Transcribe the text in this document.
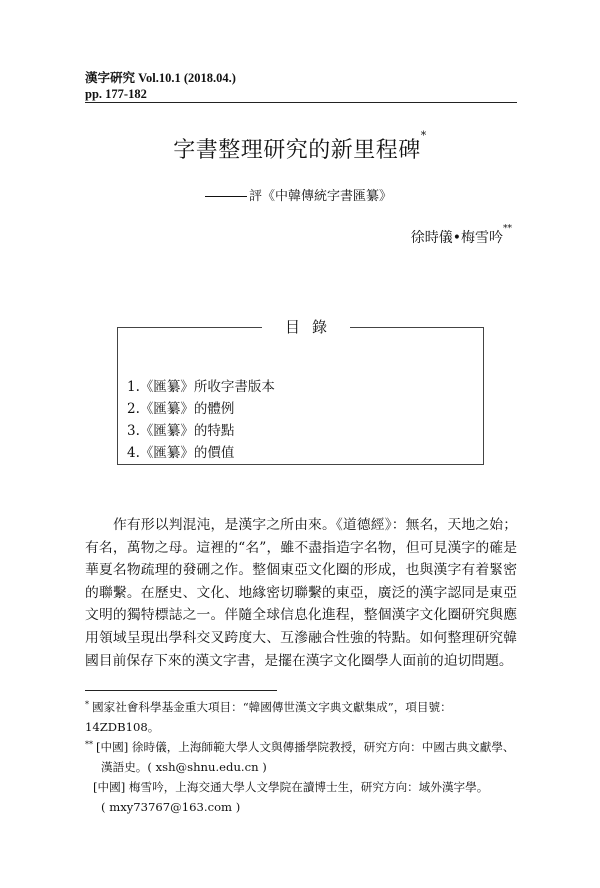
漢字硏究 Vol.10.1 (2018.04.)
pp. 177-182
字書整理研究的新里程碑*
評《中韓傳統字書匯纂》
徐時儀•梅雪吟**
目錄
1.《匯纂》所收字書版本
2.《匯纂》的體例
3.《匯纂》的特點
4.《匯纂》的價值

作有形以判混沌，是漢字之所由來。《道德經》：無名，天地之始；有名，萬物之母。這裡的“名”，雖不盡指造字名物，但可見漢字的確是華夏名物疏理的發硎之作。整個東亞文化圈的形成，也與漢字有着緊密的聯繫。在歷史、文化、地緣密切聯繫的東亞，廣泛的漢字認同是東亞文明的獨特標誌之一。伴隨全球信息化進程，整個漢字文化圈研究與應用領域呈現出學科交叉跨度大、互滲融合性強的特點。如何整理研究韓國目前保存下來的漢文字書，是擺在漢字文化圈學人面前的迫切問題。

* 國家社會科學基金重大項目：“韓國傳世漢文字典文獻集成”，項目號：14ZDB108。
** [中國] 徐時儀，上海師範大學人文與傳播學院教授，研究方向：中國古典文獻學、
漢語史。( xsh@shnu.edu.cn )
[中國] 梅雪吟，上海交通大學人文學院在讀博士生，研究方向：域外漢字學。
( mxy73767@163.com )
